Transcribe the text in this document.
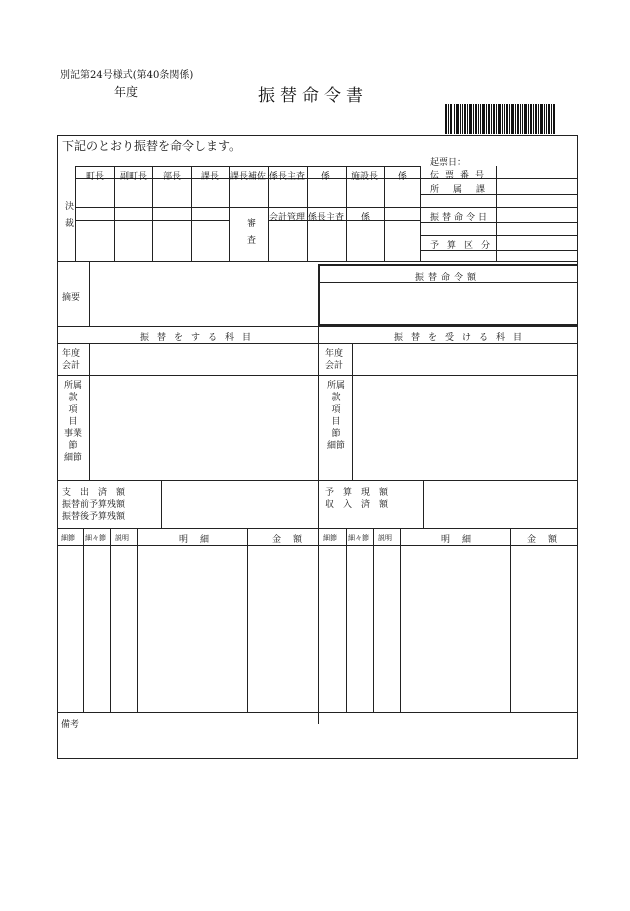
別記第24号様式(第40条関係)
年度	振替命令書
下記のとおり振替を命令します。
起票日：
決裁
町長 副町長 部長 課長 課長補佐 係長主査 係 施設長 係
審査 会計管理 係長主査 係
伝票番号
所属課
振替命令日
予算区分
摘要
振替命令額
振替をする科目	振替を受ける科目
年度
会計
年度
会計
所属
款
項
目
事業
節
細節
所属
款
項
目
節
細節
支出済額
振替前予算残額
振替後予算残額
予算現額
収入済額
細節 細々節 説明	明細	金額 細節 細々節 説明	明細	金額
備考
